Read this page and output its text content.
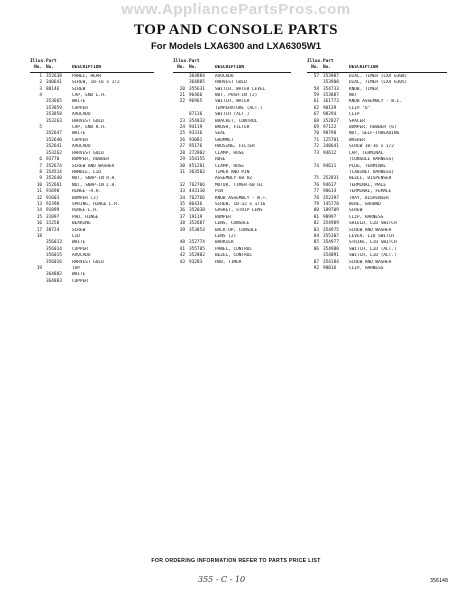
www.AppliancePartsPros.com
TOP AND CONSOLE PARTS
For Models LXA6300 and LXA6305W1
Illus. Part
No. No.	DESCRIPTION
1 352638	PANEL, REAR
2 340641	SCREW, 10-16 x 1/2
3 88146	SCREW
4	CAP, END L.H.
353665	WHITE
353859	COPPER
353858	AVOCADO
353263	HARVEST GOLD
5	CAP, END R.H.
352647	WHITE
352640	COPPER
352641	AVOCADO
353262	HARVEST GOLD
6 93770	BUMPER, RUBBER
7 352674	SCREW AND WASHER
8 354514	HANDLE, LID
9 352640	NUT, SNAP-IN R.H.
10 352661	NUT, SNAP-IN L.H.
11 91698	HINGE--R.H.
12 91603	BUMPER (2)
13 92398	SPRING, HINGE L.H.
14 91099	HINGE-L.H.
15 31097	PAD, HINGE
16 31258	BEARING
17 38724	SCREW
18	LID
356013	WHITE
356014	COPPER
356015	AVOCADO
356016	HARVEST GOLD
19	TOP
364882	WHITE
364883	COPPER
Illus. Part
No. No.	DESCRIPTION
364884	AVOCADO
364885	HARVEST GOLD
20 355631	SWITCH, WATER LEVEL
21 96466	NUT, PUSH-IN (2)
22 96965	SWITCH, WATER
TEMPERATURE (ALT.)
87136	SWITCH (ALT.)
23 354033	BRACKET, CONTROL
24 94119	BRUSH, FILTER
25 93316	SEAL
26 93081	GROMMET
27 95176	HOUSING, FILTER
28 272802	CLAMP, HOSE
29 354355	HOSE
30 451201	CLAMP, HOSE
31 363502	TIMER AND PIN
ASSEMBLY-60 HZ
32 762766	MOTOR, TIMER-60 HZ
33 443130	PIN
34 762766	KNOB ASSEMBLY - W.T.
35 86436	SCREW, 10-32 x 1/16
36 352038	GASKET, STRIP LENS
37 19119	BUMPER
38 352687	LENS, CONSOLE
39 353853	BACK-UP, CONSOLE
LENS (2)
40 352774	BARRIER
41 355705	PANEL, CONTROL
42 352802	BEZEL, CONTROL
43 93283	HUB, TIMER
Illus. Part
No. No.	DESCRIPTION
57 353907	DIAL, TIMER (LXA 6300)
353908	DIAL, TIMER (LXA 6305)
58 354733	KNOB, TIMER
59 353887	NUT
61 361773	KNOB ASSEMBLY - W.L.
62 90139	CLIP "U"
67 98294	CLIP
68 352827	SPACER
69 97122	BUMPER, RUBBER (6)
70 98798	NUT, SELF-THREADING
71 125701	WASHER
72 340641	SCREW 10-16 x 1/2
73 94612	CAP, TERMINAL
(CONSOLE HARNESS)
74 94611	PLUG, TERMINAL
(CABINET HARNESS)
75 352831	BEZEL, DISPENSER
76 94617	TERMINAL, MALE
77 98614	TERMINAL, FEMALE
78 352397	TRAY, DISPENSER
79 145778	WIRE, GROUND
80 189709	SCREW
81 98997	CLIP, HARNESS
82 354989	SHIELD, LID SWITCH
83 354975	SCREW AND WASHER
84 355307	LEVER, LID SWITCH
85 354977	STRIKE, LID SWITCH
86 354980	SWITCH, LID (ALT.)
354091	SWITCH, LID (ALT.)
87 354184	SCREW AND WASHER
92 98016	CLIP, HARNESS
FOR ORDERING INFORMATION REFER TO PARTS PRICE LIST
355 - C - 10	356148
